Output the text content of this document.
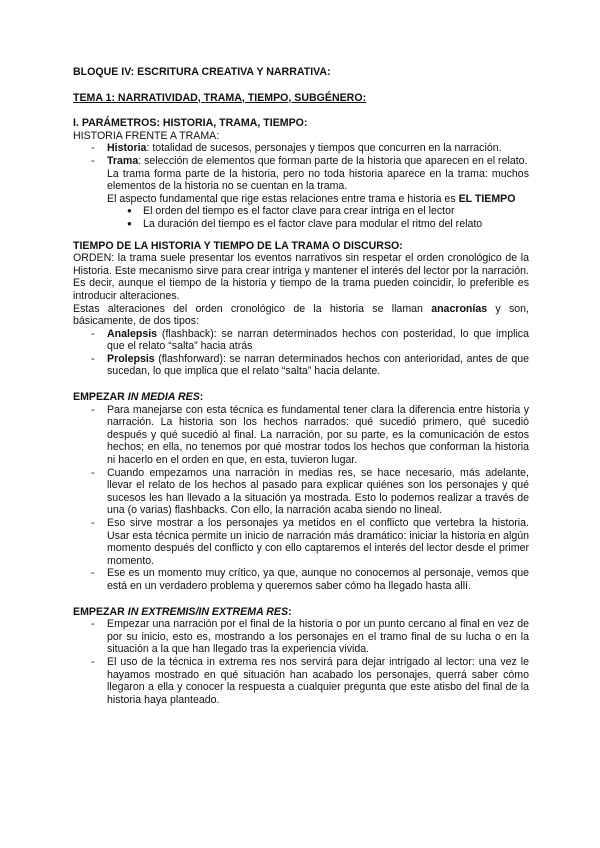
BLOQUE IV: ESCRITURA CREATIVA Y NARRATIVA:

TEMA 1: NARRATIVIDAD, TRAMA, TIEMPO, SUBGÉNERO:

I. PARÁMETROS: HISTORIA, TRAMA, TIEMPO:

HISTORIA FRENTE A TRAMA:

- Historia: totalidad de sucesos, personajes y tiempos que concurren en la narración.
- Trama: selección de elementos que forman parte de la historia que aparecen en el relato.

La trama forma parte de la historia, pero no toda historia aparece en la trama: muchos elementos de la historia no se cuentan en la trama.

El aspecto fundamental que rige estas relaciones entre trama e historia es EL TIEMPO

● El orden del tiempo es el factor clave para crear intriga en el lector
● La duración del tiempo es el factor clave para modular el ritmo del relato

TIEMPO DE LA HISTORIA Y TIEMPO DE LA TRAMA O DISCURSO:

ORDEN: la trama suele presentar los eventos narrativos sin respetar el orden cronológico de la Historia. Este mecanismo sirve para crear intriga y mantener el interés del lector por la narración. Es decir, aunque el tiempo de la historia y tiempo de la trama pueden coincidir, lo preferible es introducir alteraciones.

Estas alteraciones del orden cronológico de la historia se llaman anacronías y son, básicamente, de dos tipos:

- Analepsis (flashback): se narran determinados hechos con posteridad, lo que implica que el relato “salta” hacia atrás
- Prolepsis (flashforward): se narran determinados hechos con anterioridad, antes de que sucedan, lo que implica que el relato “salta” hacia delante.

EMPEZAR IN MEDIA RES:

- Para manejarse con esta técnica es fundamental tener clara la diferencia entre historia y narración. La historia son los hechos narrados: qué sucedió primero, qué sucedió después y qué sucedió al final. La narración, por su parte, es la comunicación de estos hechos; en ella, no tenemos por qué mostrar todos los hechos que conforman la historia ni hacerlo en el orden en que, en esta, tuvieron lugar.
- Cuando empezamos una narración in medias res, se hace necesario, más adelante, llevar el relato de los hechos al pasado para explicar quiénes son los personajes y qué sucesos les han llevado a la situación ya mostrada. Esto lo podemos realizar a través de una (o varias) flashbacks. Con ello, la narración acaba siendo no lineal.
- Eso sirve mostrar a los personajes ya metidos en el conflicto que vertebra la historia. Usar esta técnica permite un inicio de narración más dramático: iniciar la historia en algún momento después del conflicto y con ello captaremos el interés del lector desde el primer momento.
- Ese es un momento muy crítico, ya que, aunque no conocemos al personaje, vemos que está en un verdadero problema y queremos saber cómo ha llegado hasta allí.

EMPEZAR IN EXTREMIS/IN EXTREMA RES:

- Empezar una narración por el final de la historia o por un punto cercano al final en vez de por su inicio, esto es, mostrando a los personajes en el tramo final de su lucha o en la situación a la que han llegado tras la experiencia vivida.
- El uso de la técnica in extrema res nos servirá para dejar intrigado al lector: una vez le hayamos mostrado en qué situación han acabado los personajes, querrá saber cómo llegaron a ella y conocer la respuesta a cualquier pregunta que este atisbo del final de la historia haya planteado.
